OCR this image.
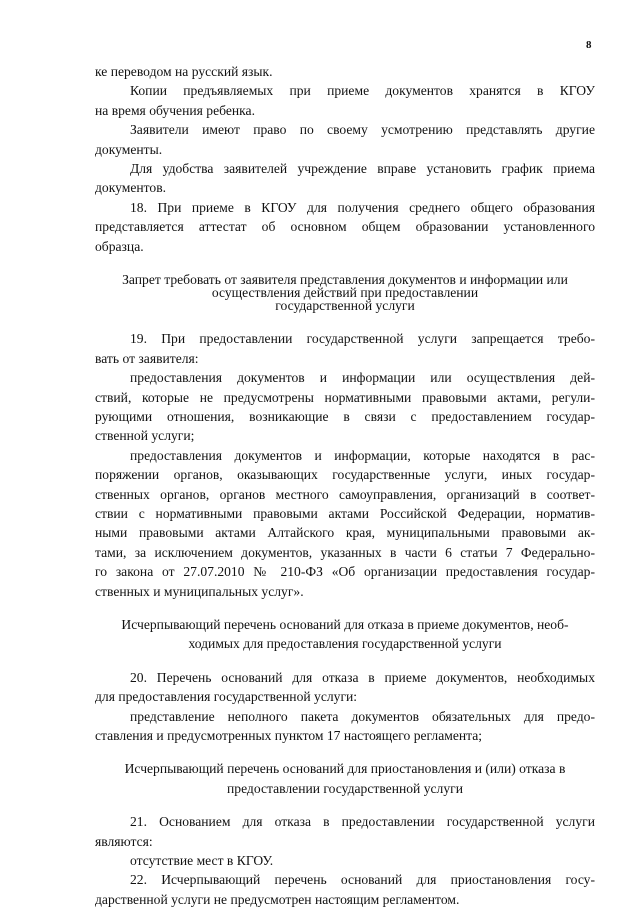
8
ке переводом на русский язык.
Копии предъявляемых при приеме документов хранятся в КГОУ
на время обучения ребенка.
Заявители имеют право по своему усмотрению представлять другие
документы.
Для удобства заявителей учреждение вправе установить график приема
документов.
18. При приеме в КГОУ для получения среднего общего образования
представляется аттестат об основном общем образовании установленного
образца.
Запрет требовать от заявителя представления документов и информации или
осуществления действий при предоставлении
государственной услуги
19. При предоставлении государственной услуги запрещается требо-
вать от заявителя:
предоставления документов и информации или осуществления дей-
ствий, которые не предусмотрены нормативными правовыми актами, регули-
рующими отношения, возникающие в связи с предоставлением государ-
ственной услуги;
предоставления документов и информации, которые находятся в рас-
поряжении органов, оказывающих государственные услуги, иных государ-
ственных органов, органов местного самоуправления, организаций в соответ-
ствии с нормативными правовыми актами Российской Федерации, норматив-
ными правовыми актами Алтайского края, муниципальными правовыми ак-
тами, за исключением документов, указанных в части 6 статьи 7 Федерально-
го закона от 27.07.2010 № 210-ФЗ «Об организации предоставления государ-
ственных и муниципальных услуг».
Исчерпывающий перечень оснований для отказа в приеме документов, необ-
ходимых для предоставления государственной услуги
20. Перечень оснований для отказа в приеме документов, необходимых
для предоставления государственной услуги:
представление неполного пакета документов обязательных для предо-
ставления и предусмотренных пунктом 17 настоящего регламента;
Исчерпывающий перечень оснований для приостановления и (или) отказа в
предоставлении государственной услуги
21. Основанием для отказа в предоставлении государственной услуги
являются:
отсутствие мест в КГОУ.
22. Исчерпывающий перечень оснований для приостановления госу-
дарственной услуги не предусмотрен настоящим регламентом.
